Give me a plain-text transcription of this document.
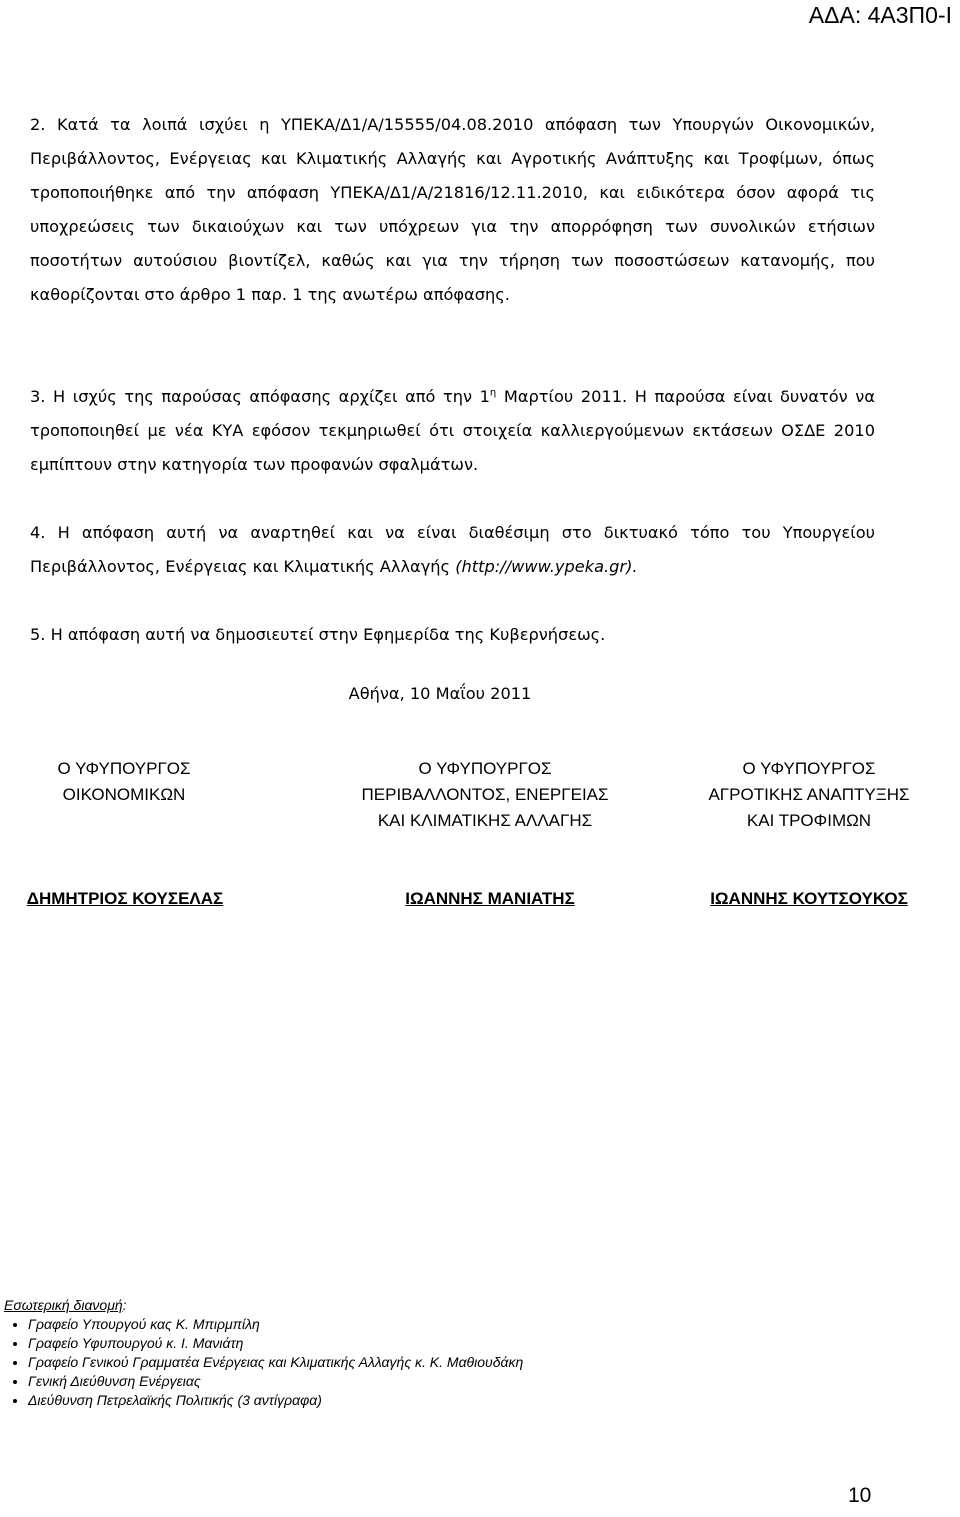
ΑΔΑ: 4Α3Π0-Ι

2. Κατά τα λοιπά ισχύει η ΥΠΕΚΑ/Δ1/Α/15555/04.08.2010 απόφαση των Υπουργών Οικονομικών, Περιβάλλοντος, Ενέργειας και Κλιματικής Αλλαγής και Αγροτικής Ανάπτυξης και Τροφίμων, όπως τροποποιήθηκε από την απόφαση ΥΠΕΚΑ/Δ1/Α/21816/12.11.2010, και ειδικότερα όσον αφορά τις υποχρεώσεις των δικαιούχων και των υπόχρεων για την απορρόφηση των συνολικών ετήσιων ποσοτήτων αυτούσιου βιοντίζελ, καθώς και για την τήρηση των ποσοστώσεων κατανομής, που καθορίζονται στο άρθρο 1 παρ. 1 της ανωτέρω απόφασης.

3. Η ισχύς της παρούσας απόφασης αρχίζει από την $1^\eta$ Μαρτίου 2011. Η παρούσα είναι δυνατόν να τροποποιηθεί με νέα ΚΥΑ εφόσον τεκμηριωθεί ότι στοιχεία καλλιεργούμενων εκτάσεων ΟΣΔΕ 2010 εμπίπτουν στην κατηγορία των προφανών σφαλμάτων.

4. Η απόφαση αυτή να αναρτηθεί και να είναι διαθέσιμη στο δικτυακό τόπο του Υπουργείου Περιβάλλοντος, Ενέργειας και Κλιματικής Αλλαγής (http://www.ypeka.gr).

5. Η απόφαση αυτή να δημοσιευτεί στην Εφημερίδα της Κυβερνήσεως.

Αθήνα, 10 Μαΐου 2011
Ο ΥΦΥΠΟΥΡΓΟΣ
ΟΙΚΟΝΟΜΙΚΩΝ
Ο ΥΦΥΠΟΥΡΓΟΣ
ΠΕΡΙΒΑΛΛΟΝΤΟΣ, ΕΝΕΡΓΕΙΑΣ
ΚΑΙ ΚΛΙΜΑΤΙΚΗΣ ΑΛΛΑΓΗΣ
Ο ΥΦΥΠΟΥΡΓΟΣ
ΑΓΡΟΤΙΚΗΣ ΑΝΑΠΤΥΞΗΣ
ΚΑΙ ΤΡΟΦΙΜΩΝ
ΔΗΜΗΤΡΙΟΣ ΚΟΥΣΕΛΑΣ	ΙΩΑΝΝΗΣ ΜΑΝΙΑΤΗΣ	ΙΩΑΝΝΗΣ ΚΟΥΤΣΟΥΚΟΣ
Εσωτερική διανομή:
• Γραφείο Υπουργού κας Κ. Μπιρμπίλη
• Γραφείο Υφυπουργού κ. Ι. Μανιάτη
• Γραφείο Γενικού Γραμματέα Ενέργειας και Κλιματικής Αλλαγής κ. Κ. Μαθιουδάκη
• Γενική Διεύθυνση Ενέργειας
• Διεύθυνση Πετρελαϊκής Πολιτικής (3 αντίγραφα)
10
